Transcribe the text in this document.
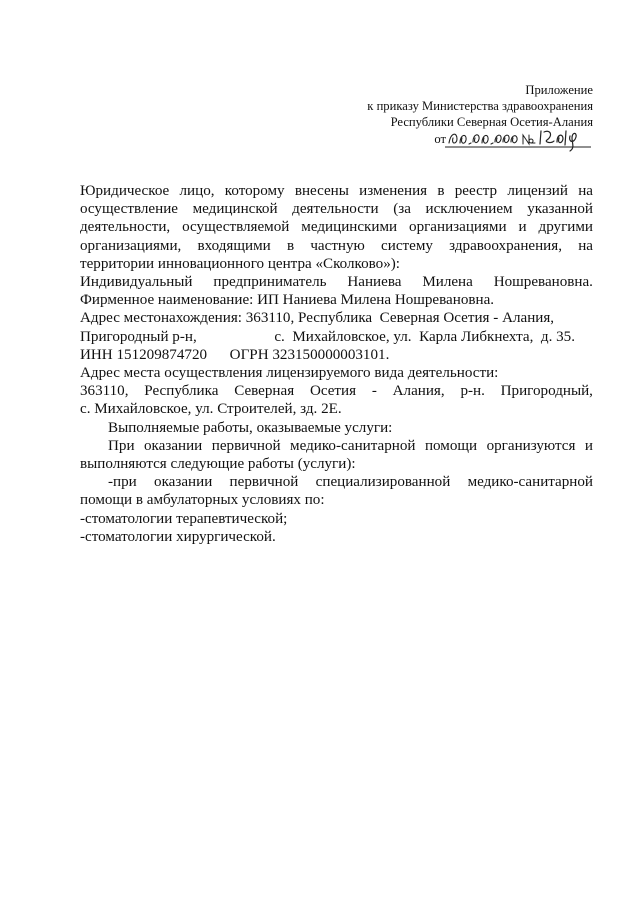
Приложение
к приказу Министерства здравоохранения
Республики Северная Осетия-Алания
от

Юридическое лицо, которому внесены изменения в реестр лицензий на осуществление медицинской деятельности (за исключением указанной деятельности, осуществляемой медицинскими организациями и другими организациями, входящими в частную систему здравоохранения, на территории инновационного центра «Сколково»):

Индивидуальный предприниматель Наниева Милена Ношревановна.

Фирменное наименование: ИП Наниева Милена Ношревановна.

Адрес местонахождения: 363110, Республика  Северная Осетия - Алания,

Пригородный р-н,	с.  Михайловское, ул.  Карла Либкнехта,  д. 35.

ИНН 151209874720      ОГРН 323150000003101.

Адрес места осуществления лицензируемого вида деятельности:

363110, Республика Северная Осетия - Алания, р-н. Пригородный,

с. Михайловское, ул. Строителей, зд. 2Е.

Выполняемые работы, оказываемые услуги:

При оказании первичной медико-санитарной помощи организуются и выполняются следующие работы (услуги):

-при оказании первичной специализированной медико-санитарной помощи в амбулаторных условиях по:

-стоматологии терапевтической;

-стоматологии хирургической.
